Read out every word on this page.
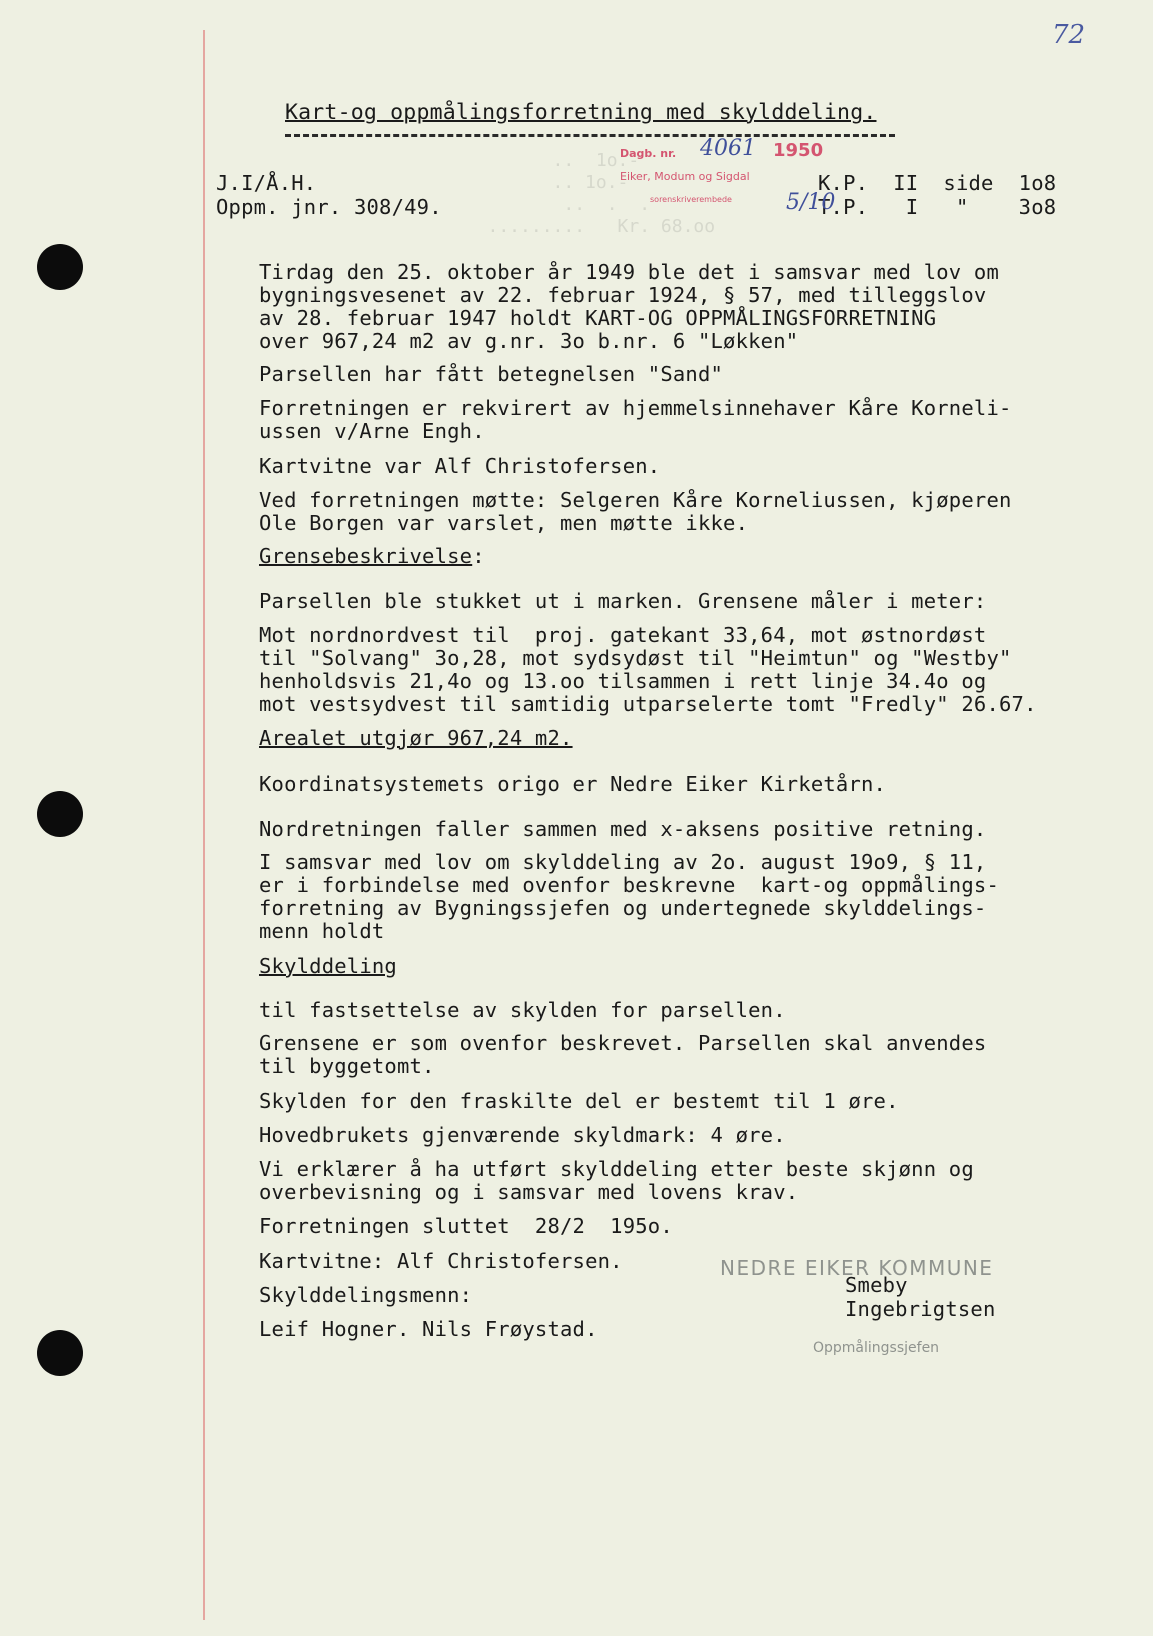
72
..  1o.-
.. 1o.-
..  .  .
.........   Kr. 68.oo
Kart-og oppmålingsforretning med skylddeling.
J.I/Å.H.
Oppm. jnr. 308/49.
K.P.  II  side  1o8
T.P.   I   "    3o8
Dagb. nr. 4061 1950
Eiker, Modum og Sigdal
sorenskriverembede 5/10
Tirdag den 25. oktober år 1949 ble det i samsvar med lov om
bygningsvesenet av 22. februar 1924, § 57, med tilleggslov
av 28. februar 1947 holdt KART-OG OPPMÅLINGSFORRETNING
over 967,24 m2 av g.nr. 3o b.nr. 6 "Løkken"
Parsellen har fått betegnelsen "Sand"
Forretningen er rekvirert av hjemmelsinnehaver Kåre Korneli-
ussen v/Arne Engh.
Kartvitne var Alf Christofersen.
Ved forretningen møtte: Selgeren Kåre Korneliussen, kjøperen
Ole Borgen var varslet, men møtte ikke.
Grensebeskrivelse:
Parsellen ble stukket ut i marken. Grensene måler i meter:
Mot nordnordvest til  proj. gatekant 33,64, mot østnordøst
til "Solvang" 3o,28, mot sydsydøst til "Heimtun" og "Westby"
henholdsvis 21,4o og 13.oo tilsammen i rett linje 34.4o og
mot vestsydvest til samtidig utparselerte tomt "Fredly" 26.67.
Arealet utgjør 967,24 m2.
Koordinatsystemets origo er Nedre Eiker Kirketårn.
Nordretningen faller sammen med x-aksens positive retning.
I samsvar med lov om skylddeling av 2o. august 19o9, § 11,
er i forbindelse med ovenfor beskrevne  kart-og oppmålings-
forretning av Bygningssjefen og undertegnede skylddelings-
menn holdt
Skylddeling
til fastsettelse av skylden for parsellen.
Grensene er som ovenfor beskrevet. Parsellen skal anvendes
til byggetomt.
Skylden for den fraskilte del er bestemt til 1 øre.
Hovedbrukets gjenværende skyldmark: 4 øre.
Vi erklærer å ha utført skylddeling etter beste skjønn og
overbevisning og i samsvar med lovens krav.
Forretningen sluttet  28/2  195o.
Kartvitne: Alf Christofersen.
Skylddelingsmenn:
Leif Hogner. Nils Frøystad.
NEDRE EIKER KOMMUNE
Smeby
Ingebrigtsen
Oppmålingssjefen
